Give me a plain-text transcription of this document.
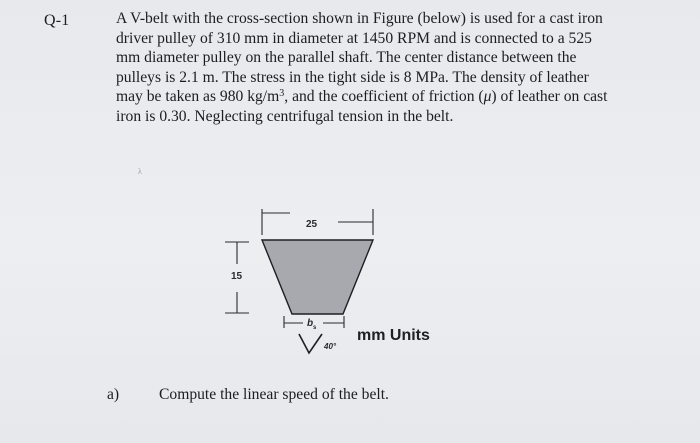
Q-1	A V-belt with the cross-section shown in Figure (below) is used for a cast iron
driver pulley of 310 mm in diameter at 1450 RPM and is connected to a 525
mm diameter pulley on the parallel shaft. The center distance between the
pulleys is 2.1 m. The stress in the tight side is 8 MPa. The density of leather
may be taken as 980 $kg/m^3$, and the coefficient of friction (μ) of leather on cast
iron is 0.30. Neglecting centrifugal tension in the belt.
λ
25
15
b s
40°
mm Units
a)	Compute the linear speed of the belt.
